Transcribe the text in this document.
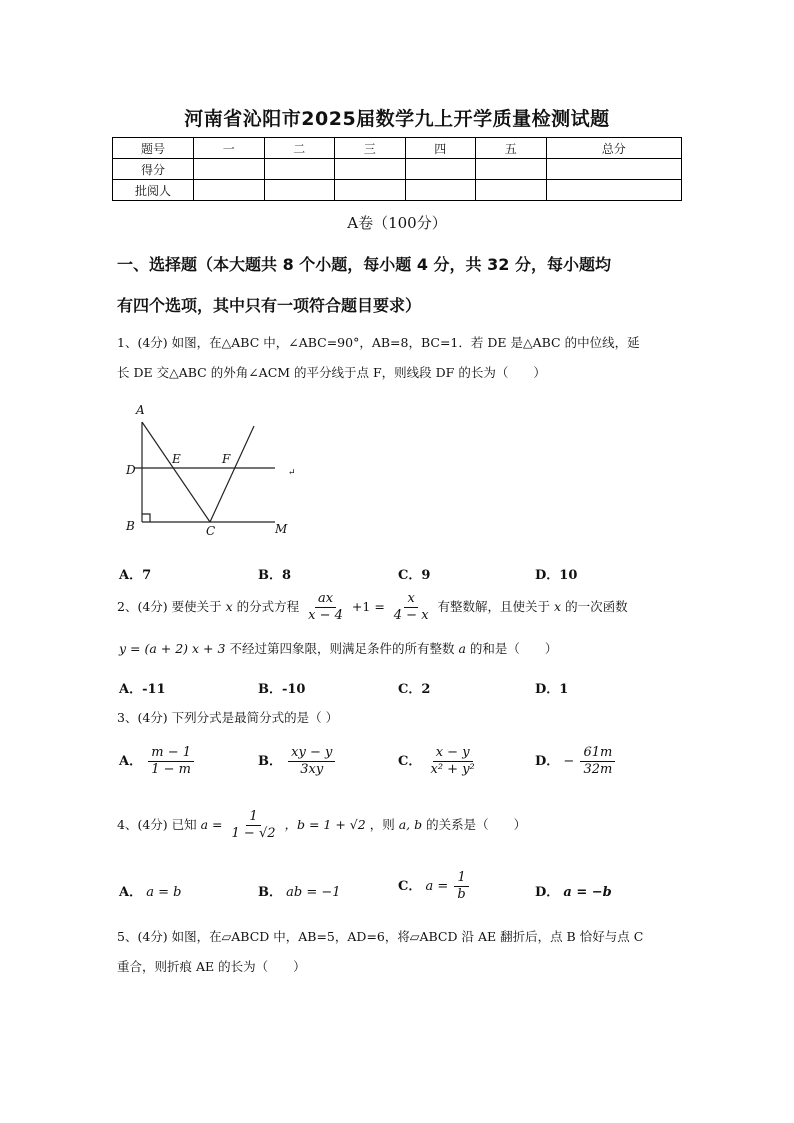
河南省沁阳市2025届数学九上开学质量检测试题
题号	一	二	三	四	五	总分
得分						
批阅人						
A卷（100分）
一、选择题（本大题共 8 个小题，每小题 4 分，共 32 分，每小题均
有四个选项，其中只有一项符合题目要求）
1、(4分) 如图，在△ABC 中，∠ABC=90°，AB=8，BC=1．若 DE 是△ABC 的中位线，延
长 DE 交△ABC 的外角∠ACM 的平分线于点 F，则线段 DF 的长为（　　）
A
D
E	F
B	C	M
↵
A．7	B．8	C．9	D．10
2、(4分) 要使关于 x 的分式方程 $\frac{ax}{x - 4} +1 = \frac{x}{4 - x}$ 有整数解，且使关于 x 的一次函数
y = (a + 2) x + 3 不经过第四象限，则满足条件的所有整数 a 的和是（　　）
A．-11	B．-10	C．2	D．1
3、(4分) 下列分式是最简分式的是（ ）
A． $\frac{m - 1}{1 - m}$	B． $\frac{xy - y}{3xy}$	C． $\frac{x - y}{\text{x² + y²}}$	D． − $\frac{61m}{32m}$
4、(4分) 已知 $a = \frac{1}{1 - √2}$ ，b = 1 + √2 ，则 a, b 的关系是（　　）
A． a = b	B． ab = −1	C． $a = \frac{1}{b}$	D． a = −b
5、(4分) 如图，在▱ABCD 中，AB=5，AD=6，将▱ABCD 沿 AE 翻折后，点 B 恰好与点 C
重合，则折痕 AE 的长为（　　）
